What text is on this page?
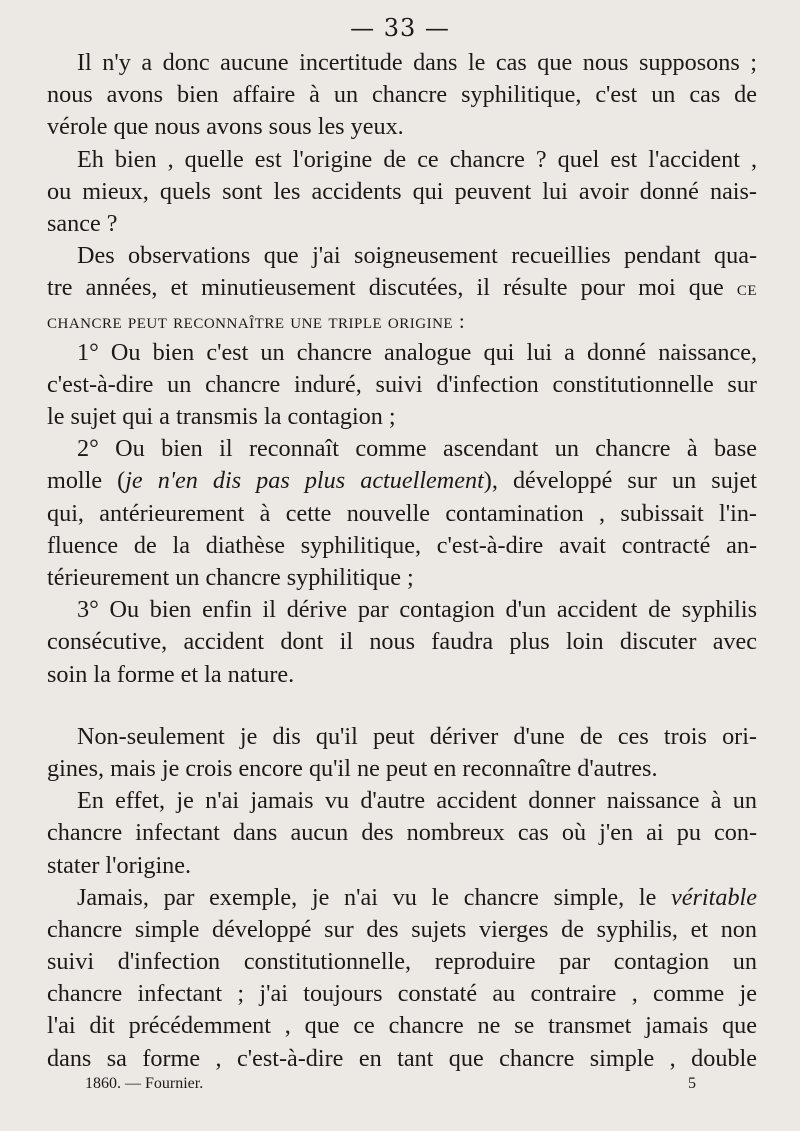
— 33 —
Il n'y a donc aucune incertitude dans le cas que nous supposons ;
nous avons bien affaire à un chancre syphilitique, c'est un cas de
vérole que nous avons sous les yeux.
Eh bien , quelle est l'origine de ce chancre ? quel est l'accident ,
ou mieux, quels sont les accidents qui peuvent lui avoir donné nais-
sance ?
Des observations que j'ai soigneusement recueillies pendant qua-
tre années, et minutieusement discutées, il résulte pour moi que ce
chancre peut reconnaître une triple origine :
1° Ou bien c'est un chancre analogue qui lui a donné naissance,
c'est-à-dire un chancre induré, suivi d'infection constitutionnelle sur
le sujet qui a transmis la contagion ;
2° Ou bien il reconnaît comme ascendant un chancre à base
molle (je n'en dis pas plus actuellement), développé sur un sujet
qui, antérieurement à cette nouvelle contamination , subissait l'in-
fluence de la diathèse syphilitique, c'est-à-dire avait contracté an-
térieurement un chancre syphilitique ;
3° Ou bien enfin il dérive par contagion d'un accident de syphilis
consécutive, accident dont il nous faudra plus loin discuter avec
soin la forme et la nature.
Non-seulement je dis qu'il peut dériver d'une de ces trois ori-
gines, mais je crois encore qu'il ne peut en reconnaître d'autres.
En effet, je n'ai jamais vu d'autre accident donner naissance à un
chancre infectant dans aucun des nombreux cas où j'en ai pu con-
stater l'origine.
Jamais, par exemple, je n'ai vu le chancre simple, le véritable
chancre simple développé sur des sujets vierges de syphilis, et non
suivi d'infection constitutionnelle, reproduire par contagion un
chancre infectant ; j'ai toujours constaté au contraire , comme je
l'ai dit précédemment , que ce chancre ne se transmet jamais que
dans sa forme , c'est-à-dire en tant que chancre simple , double
1860. — Fournier.	5
